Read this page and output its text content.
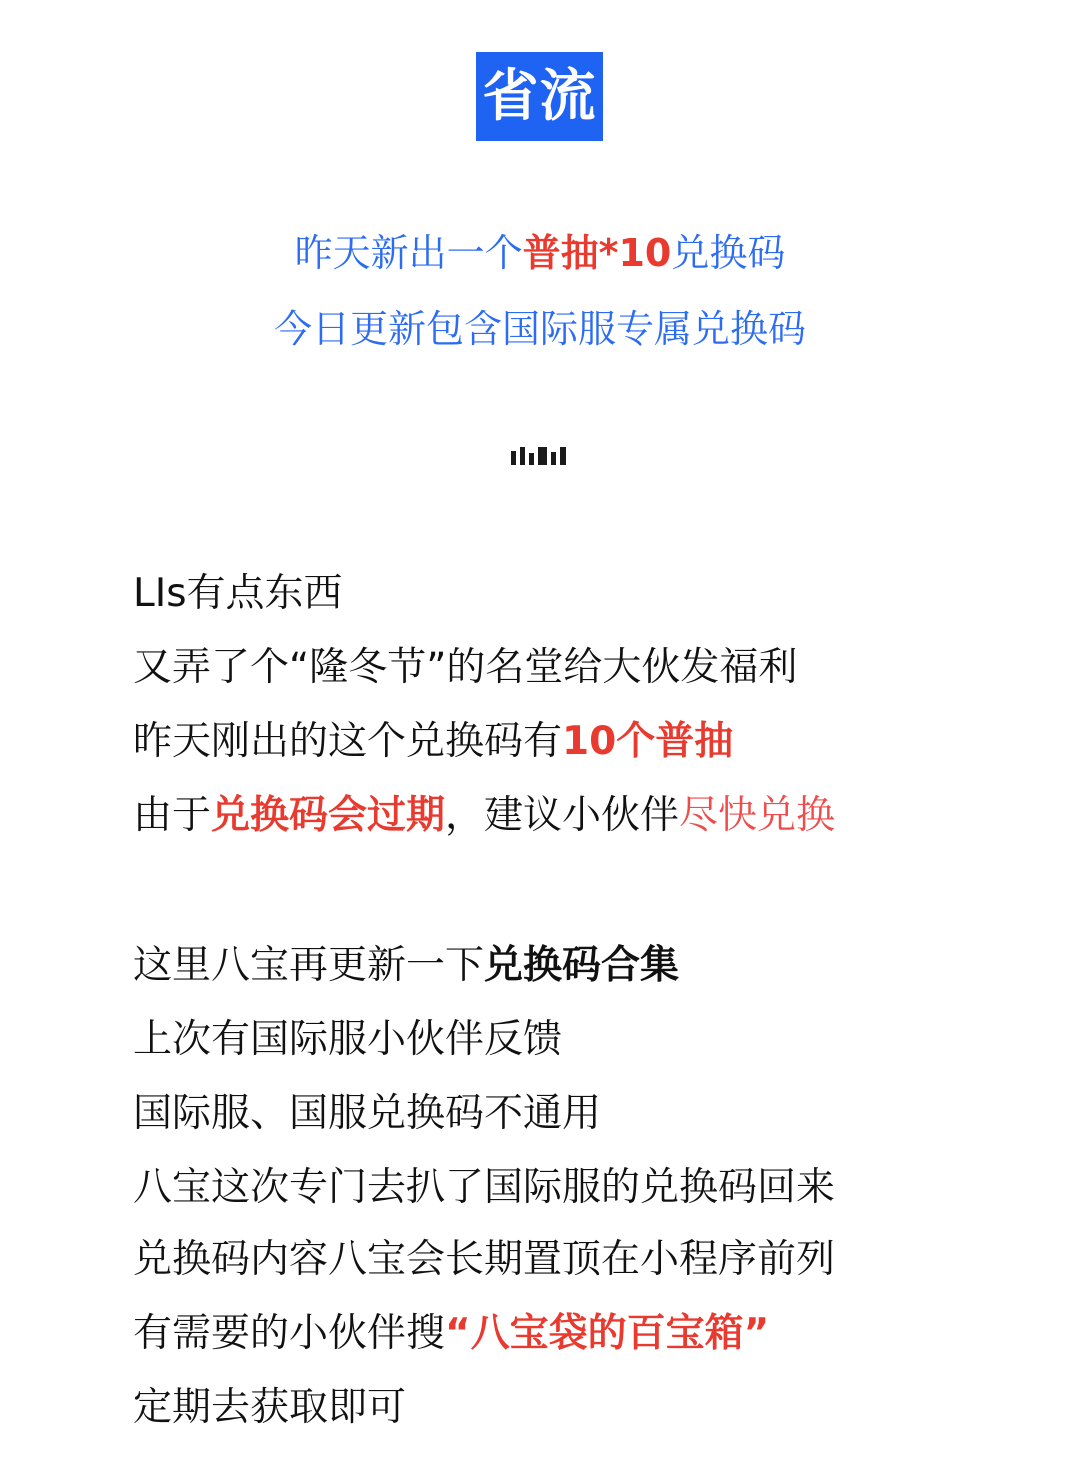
省流
昨天新出一个普抽*10兑换码
今日更新包含国际服专属兑换码
LIs有点东西
又弄了个“隆冬节”的名堂给大伙发福利
昨天刚出的这个兑换码有10个普抽
由于兑换码会过期，建议小伙伴尽快兑换
这里八宝再更新一下兑换码合集
上次有国际服小伙伴反馈
国际服、国服兑换码不通用
八宝这次专门去扒了国际服的兑换码回来
兑换码内容八宝会长期置顶在小程序前列
有需要的小伙伴搜“八宝袋的百宝箱”
定期去获取即可
